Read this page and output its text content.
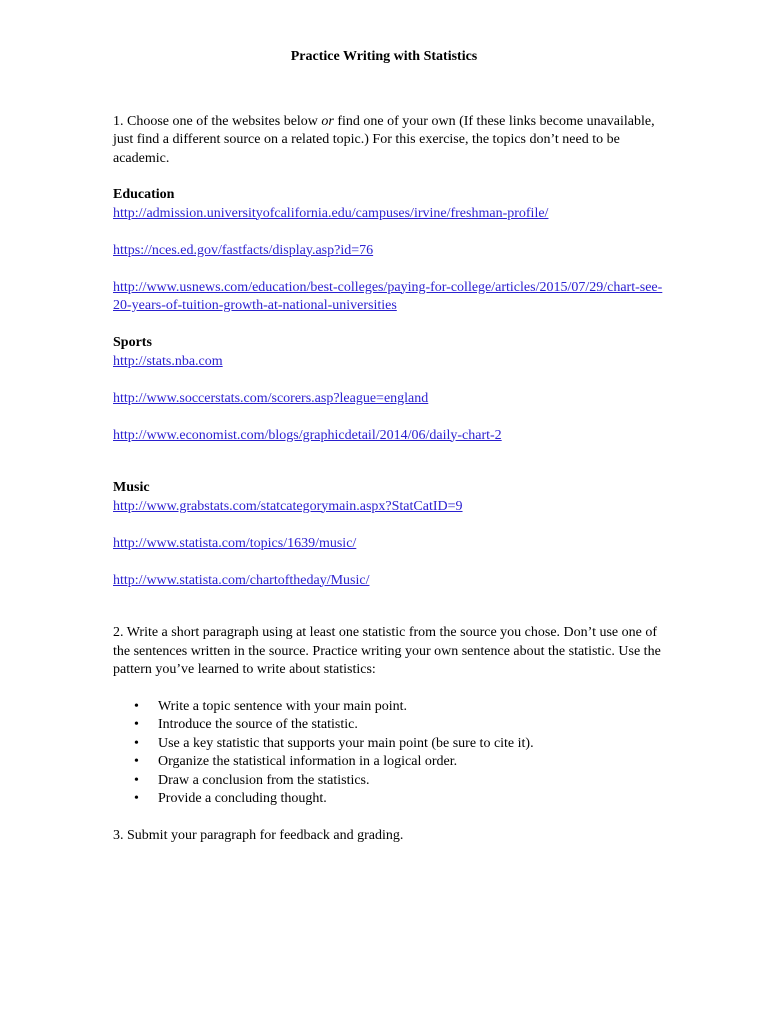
Practice Writing with Statistics

1. Choose one of the websites below or find one of your own (If these links become unavailable, just find a different source on a related topic.) For this exercise, the topics don’t need to be academic.

Education

http://admission.universityofcalifornia.edu/campuses/irvine/freshman-profile/
https://nces.ed.gov/fastfacts/display.asp?id=76
http://www.usnews.com/education/best-colleges/paying-for-college/articles/2015/07/29/chart-see-20-years-of-tuition-growth-at-national-universities

Sports

http://stats.nba.com
http://www.soccerstats.com/scorers.asp?league=england
http://www.economist.com/blogs/graphicdetail/2014/06/daily-chart-2

Music

http://www.grabstats.com/statcategorymain.aspx?StatCatID=9
http://www.statista.com/topics/1639/music/
http://www.statista.com/chartoftheday/Music/

2. Write a short paragraph using at least one statistic from the source you chose. Don’t use one of the sentences written in the source. Practice writing your own sentence about the statistic. Use the pattern you’ve learned to write about statistics:

• Write a topic sentence with your main point.
• Introduce the source of the statistic.
• Use a key statistic that supports your main point (be sure to cite it).
• Organize the statistical information in a logical order.
• Draw a conclusion from the statistics.
• Provide a concluding thought.

3. Submit your paragraph for feedback and grading.
